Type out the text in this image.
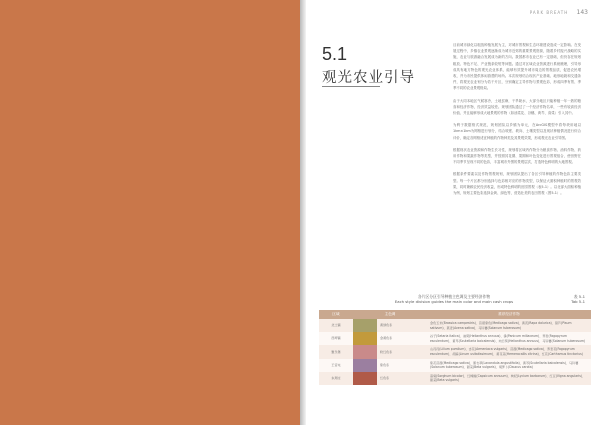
PARK BREATH 143
5.1
观光农业引导

目前城市绿化以粗放种植发展为主，对城市景观和生态环境建设造成一定影响。在发展过程中，乡镇农业景观逐渐成为城市近郊的重要景观资源，随着乡村振兴战略的实施，农业与旅游融合发展成为新的方向。我国都市农业已有一定基础，但仍存在规划粗放、特色不足、产业链条较短等问题。通过对区域农业资源进行系统梳理，引导形成具有地方特色的观光农业体系，能够有效提升城市周边的景观品质，促进农民增收，并为市民提供休闲游憩的场所。本次规划结合现状产业基础、地形地貌和交通条件，将观光农业划分为若干片区，分别确定主导作物与景观色彩，形成四季有景、季季不同的农业景观格局。

由于大同本地区气候寒冷，土地贫瘠，干旱缺水，大部分地区只能种植一年一熟的粮食和经济作物，经济效益较差。规划团队通过了一个经济作物名单，一些有较高经济价值、并且能够形成大地景观的作物（如油菜花、谷穗、黄芩、高粱）引入其中。

为利于数据格式规范，规划团队以乡镇为单元，在ArcGIS模型中将每块用地以1km×1km为网格进行划分，结合坡度、坡向、土壤类型以及现状种植情况进行综合评价，确定各网格适宜种植的作物种类及其景观效果，形成观光农业引导图。

根据现状农业资源和作物生长习性，规划将区域内作物分为粮食作物、油料作物、药用作物和果蔬作物等类型，并按照其花期、果期和叶色变化进行景观组合，使田野在不同季节呈现不同的色彩，丰富城市外围的景观层次，打造特色鲜明的大地景观。

根据条件要素以及作物景观规划，规划团队提出了各区引导种植的作物色彩主要类型。每一个片区都分别选择与色彩相对应的作物类型，以保证大面积种植时的景观效果，同时兼顾农民经济收益，形成特色鲜明的田园景观（表5-1）。以北部大面积种植为例，规划主要色彩选择金黄、绿色等，营造壮美的农田景观（图5-1）。

各片区分区引导种植主色调及主要经济作物
Each style division guides the main color and main cash crops
表 5-1
Tab 5-1
区域	主色调		推荐经济作物
北土镇		黄绿色系	金色玉米(Brassica campestris)、苜蓿紫色(Medicago sativa)、黄芪(Rapa dalurica)、葫芦(Pisum sativum)、燕麦(Avena sativa)、马铃薯(Solanum tuberosum)
西坪镇		金黄色系	谷子(Setaria italica)、油葵(Helianthus annuus)、黍(Panicum miliaceum)、荞麦(Fagopyrum esculentum)、黄芩(Scutellaria baicalensis)、向日葵(Helianthus annuus)、马铃薯(Solanum tuberosum)
聚乐堡		粉红色系	山丹丹(Lilium pumilum)、杏花(Armeniaca vulgaris)、苜蓿(Medicago sativa)、荞麦花(Fagopyrum esculentum)、胡麻(Linum usitatissimum)、黄花菜(Hemerocallis citrina)、红花(Carthamus tinctorius)
王官屯		紫色系	紫花苜蓿(Medicago sativa)、薰衣草(Lavandula angustifolia)、黄芩(Scutellaria baicalensis)、马铃薯(Solanum tuberosum)、甜菜(Beta vulgaris)、胡萝卜(Daucus carota)
东周庄		红色系	高粱(Sorghum bicolor)、红辣椒(Capsicum annuum)、枸杞(Lycium barbarum)、红豆(Vigna angularis)、甜菜(Beta vulgaris)
